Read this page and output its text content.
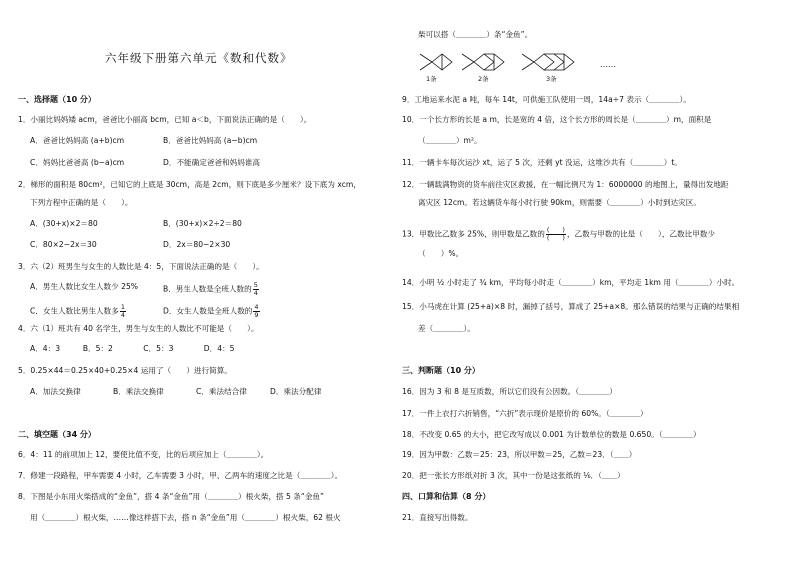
六年级下册第六单元《数和代数》
一、选择题（10 分）
1．小丽比妈妈矮 acm，爸爸比小丽高 bcm，已知 a＜b，下面说法正确的是（　　）。
A．爸爸比妈妈高 (a+b)cm	B．爸爸比妈妈高 (a−b)cm
C．妈妈比爸爸高 (b−a)cm	D．不能确定爸爸和妈妈谁高
2．梯形的面积是 80cm²，已知它的上底是 30cm，高是 2cm，则下底是多少厘米？设下底为 xcm，
下列方程中正确的是（　　）。
A．(30+x)×2＝80	B．(30+x)×2÷2＝80
C．80×2−2x＝30	D．2x＝80−2×30
3．六（2）班男生与女生的人数比是 4：5，下面说法正确的是（　　）。
A．男生人数比女生人数少 25%	B．男生人数是全班人数的 $\frac{5}{4}$
C．女生人数比男生人数多 $\frac{1}{4}$	D．女生人数是全班人数的 $\frac{4}{9}$
4．六（1）班共有 40 名学生，男生与女生的人数比不可能是（　　）。
A．4：3　　　B．5：2　　　　C．5：3　　　　D．4：5
5．0.25×44＝0.25×40+0.25×4 运用了（　　）进行简算。
A．加法交换律	B．乘法交换律	C．乘法结合律	D．乘法分配律
二、填空题（34 分）
6．4：11 的前项加上 12，要使比值不变，比的后项应加上（＿＿＿＿）。
7．修建一段路程，甲车需要 4 小时，乙车需要 3 小时，甲、乙两车的速度之比是（＿＿＿＿）。
8．下图是小东用火柴搭成的“金鱼”，搭 4 条“金鱼”用（＿＿＿＿）根火柴，搭 5 条“金鱼”
用（＿＿＿＿）根火柴，……像这样搭下去，搭 n 条“金鱼”用（＿＿＿＿）根火柴，62 根火
柴可以搭（＿＿＿＿）条“金鱼”。
9．工地运来水泥 a 吨，每车 14t，可供施工队使用一周，14a÷7 表示（＿＿＿＿）。
10．一个长方形的长是 a m，长是宽的 4 倍，这个长方形的周长是（＿＿＿＿）m，面积是
（＿＿＿＿）m²。
11．一辆卡车每次运沙 xt，运了 5 次，还剩 yt 没运，这堆沙共有（＿＿＿＿）t。
12．一辆载满物资的货车前往灾区救援，在一幅比例尺为 1：6000000 的地图上，量得出发地距
离灾区 12cm。若这辆货车每小时行驶 90km，则需要（＿＿＿＿）小时到达灾区。
13．甲数比乙数多 25%，则甲数是乙数的 $\frac{( )}{( )}$ ，乙数与甲数的比是（　　），乙数比甲数少
（　　）%。
14．小明 ½ 小时走了 ¾ km，平均每小时走（＿＿＿＿）km，平均走 1km 用（＿＿＿＿）小时。
15．小马虎在计算 (25+a)×8 时，漏掉了括号，算成了 25+a×8。那么错误的结果与正确的结果相
差（＿＿＿＿）。
三、判断题（10 分）
16．因为 3 和 8 是互质数，所以它们没有公因数。（＿＿＿＿）
17．一件上衣打六折销售，“六折”表示现价是原价的 60%。（＿＿＿＿）
18．不改变 0.65 的大小，把它改写成以 0.001 为计数单位的数是 0.650。（＿＿＿＿）
19．因为甲数：乙数＝25：23，所以甲数＝25，乙数＝23．（＿＿）
20．把一张长方形纸对折 3 次，其中一份是这张纸的 ⅙．（＿＿）
四、口算和估算（8 分）
21．直接写出得数。
1条	2条	3条
……
